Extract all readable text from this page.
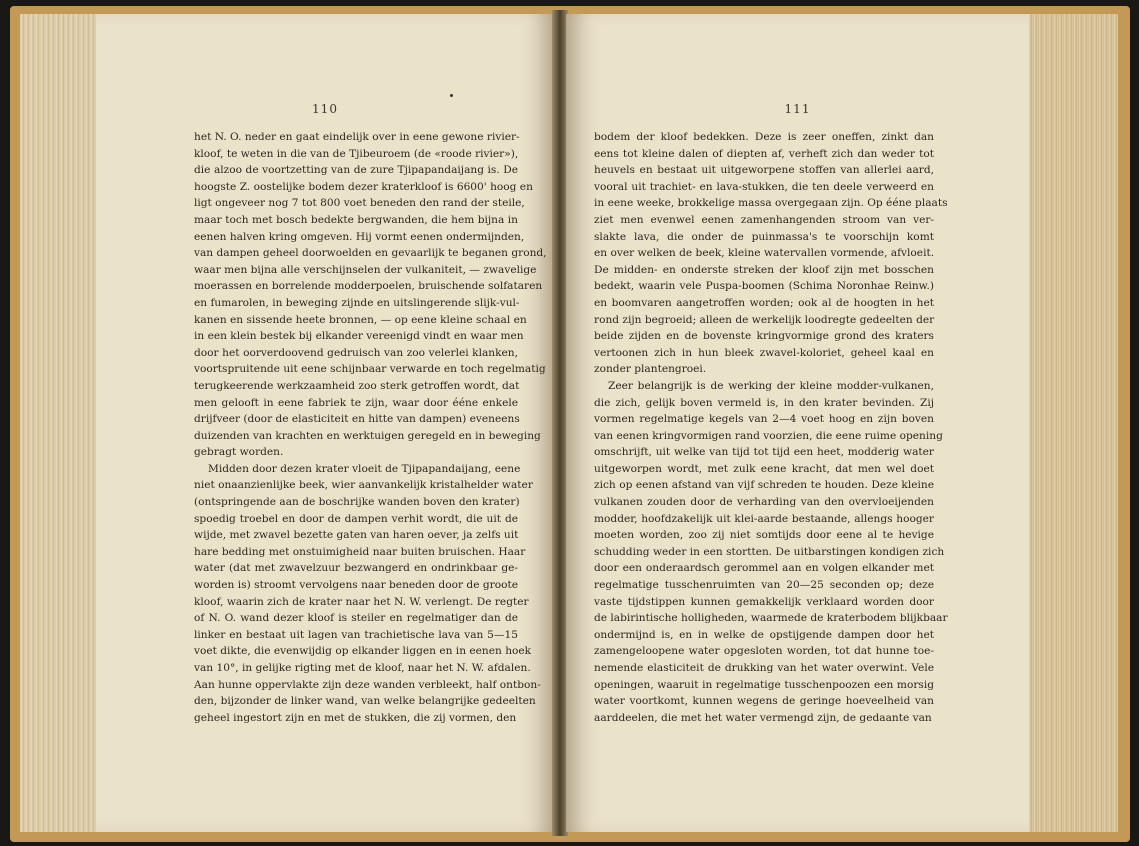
110
het N. O. neder en gaat eindelijk over in eene gewone rivier-
kloof, te weten in die van de Tjibeuroem (de «roode rivier»),
die alzoo de voortzetting van de zure Tjipapandaijang is. De
hoogste Z. oostelijke bodem dezer kraterkloof is 6600' hoog en
ligt ongeveer nog 7 tot 800 voet beneden den rand der steile,
maar toch met bosch bedekte bergwanden, die hem bijna in
eenen halven kring omgeven. Hij vormt eenen ondermijnden,
van dampen geheel doorwoelden en gevaarlijk te beganen grond,
waar men bijna alle verschijnselen der vulkaniteit, — zwavelige
moerassen en borrelende modderpoelen, bruischende solfataren
en fumarolen, in beweging zijnde en uitslingerende slijk-vul-
kanen en sissende heete bronnen, — op eene kleine schaal en
in een klein bestek bij elkander vereenigd vindt en waar men
door het oorverdoovend gedruisch van zoo velerlei klanken,
voortspruitende uit eene schijnbaar verwarde en toch regelmatig
terugkeerende werkzaamheid zoo sterk getroffen wordt, dat
men gelooft in eene fabriek te zijn, waar door ééne enkele
drijfveer (door de elasticiteit en hitte van dampen) eveneens
duizenden van krachten en werktuigen geregeld en in beweging
gebragt worden.
Midden door dezen krater vloeit de Tjipapandaijang, eene
niet onaanzienlijke beek, wier aanvankelijk kristalhelder water
(ontspringende aan de boschrijke wanden boven den krater)
spoedig troebel en door de dampen verhit wordt, die uit de
wijde, met zwavel bezette gaten van haren oever, ja zelfs uit
hare bedding met onstuimigheid naar buiten bruischen. Haar
water (dat met zwavelzuur bezwangerd en ondrinkbaar ge-
worden is) stroomt vervolgens naar beneden door de groote
kloof, waarin zich de krater naar het N. W. verlengt. De regter
of N. O. wand dezer kloof is steiler en regelmatiger dan de
linker en bestaat uit lagen van trachietische lava van 5—15
voet dikte, die evenwijdig op elkander liggen en in eenen hoek
van 10°, in gelijke rigting met de kloof, naar het N. W. afdalen.
Aan hunne oppervlakte zijn deze wanden verbleekt, half ontbon-
den, bijzonder de linker wand, van welke belangrijke gedeelten
geheel ingestort zijn en met de stukken, die zij vormen, den
111
bodem der kloof bedekken. Deze is zeer oneffen, zinkt dan
eens tot kleine dalen of diepten af, verheft zich dan weder tot
heuvels en bestaat uit uitgeworpene stoffen van allerlei aard,
vooral uit trachiet- en lava-stukken, die ten deele verweerd en
in eene weeke, brokkelige massa overgegaan zijn. Op ééne plaats
ziet men evenwel eenen zamenhangenden stroom van ver-
slakte lava, die onder de puinmassa's te voorschijn komt
en over welken de beek, kleine watervallen vormende, afvloeit.
De midden- en onderste streken der kloof zijn met bosschen
bedekt, waarin vele Puspa-boomen (Schima Noronhae Reinw.)
en boomvaren aangetroffen worden; ook al de hoogten in het
rond zijn begroeid; alleen de werkelijk loodregte gedeelten der
beide zijden en de bovenste kringvormige grond des kraters
vertoonen zich in hun bleek zwavel-koloriet, geheel kaal en
zonder plantengroei.
Zeer belangrijk is de werking der kleine modder-vulkanen,
die zich, gelijk boven vermeld is, in den krater bevinden. Zij
vormen regelmatige kegels van 2—4 voet hoog en zijn boven
van eenen kringvormigen rand voorzien, die eene ruime opening
omschrijft, uit welke van tijd tot tijd een heet, modderig water
uitgeworpen wordt, met zulk eene kracht, dat men wel doet
zich op eenen afstand van vijf schreden te houden. Deze kleine
vulkanen zouden door de verharding van den overvloeijenden
modder, hoofdzakelijk uit klei-aarde bestaande, allengs hooger
moeten worden, zoo zij niet somtijds door eene al te hevige
schudding weder in een stortten. De uitbarstingen kondigen zich
door een onderaardsch gerommel aan en volgen elkander met
regelmatige tusschenruimten van 20—25 seconden op; deze
vaste tijdstippen kunnen gemakkelijk verklaard worden door
de labirintische holligheden, waarmede de kraterbodem blijkbaar
ondermijnd is, en in welke de opstijgende dampen door het
zamengeloopene water opgesloten worden, tot dat hunne toe-
nemende elasticiteit de drukking van het water overwint. Vele
openingen, waaruit in regelmatige tusschenpoozen een morsig
water voortkomt, kunnen wegens de geringe hoeveelheid van
aarddeelen, die met het water vermengd zijn, de gedaante van
